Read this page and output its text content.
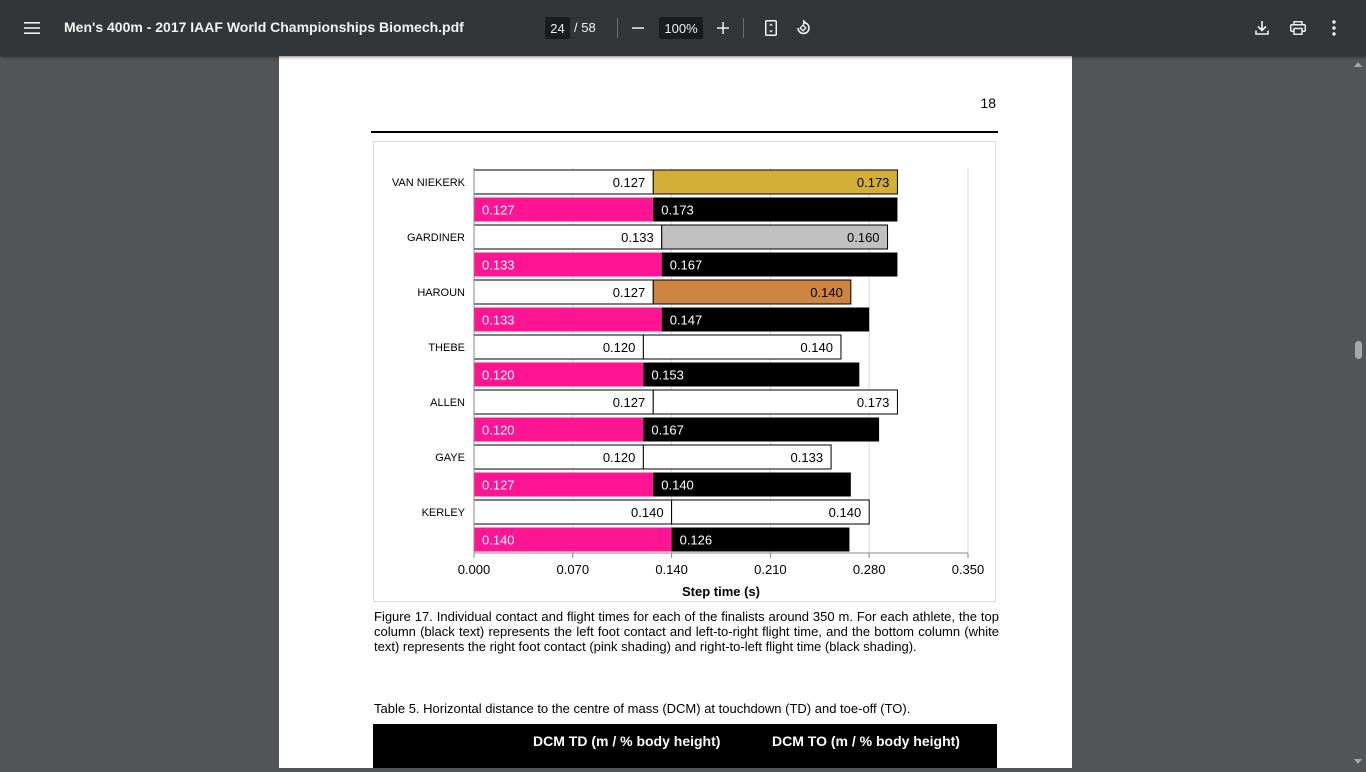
Men's 400m - 2017 IAAF World Championships Biomech.pdf	24 / 58	100%
18
VAN NIEKERK	0.127	0.173
0.127	0.173
GARDINER	0.133	0.160
0.133	0.167
HAROUN	0.127	0.140
0.133	0.147
THEBE	0.120	0.140
0.120	0.153
ALLEN	0.127	0.173
0.120	0.167
GAYE	0.120	0.133
0.127	0.140
KERLEY	0.140	0.140
0.140	0.126
0.000	0.070	0.140	0.210	0.280	0.350
Step time (s)
Figure 17. Individual contact and flight times for each of the finalists around 350 m. For each athlete, the top column (black text) represents the left foot contact and left-to-right flight time, and the bottom column (white text) represents the right foot contact (pink shading) and right-to-left flight time (black shading).
Table 5. Horizontal distance to the centre of mass (DCM) at touchdown (TD) and toe-off (TO).
DCM TD (m / % body height)	DCM TO (m / % body height)
